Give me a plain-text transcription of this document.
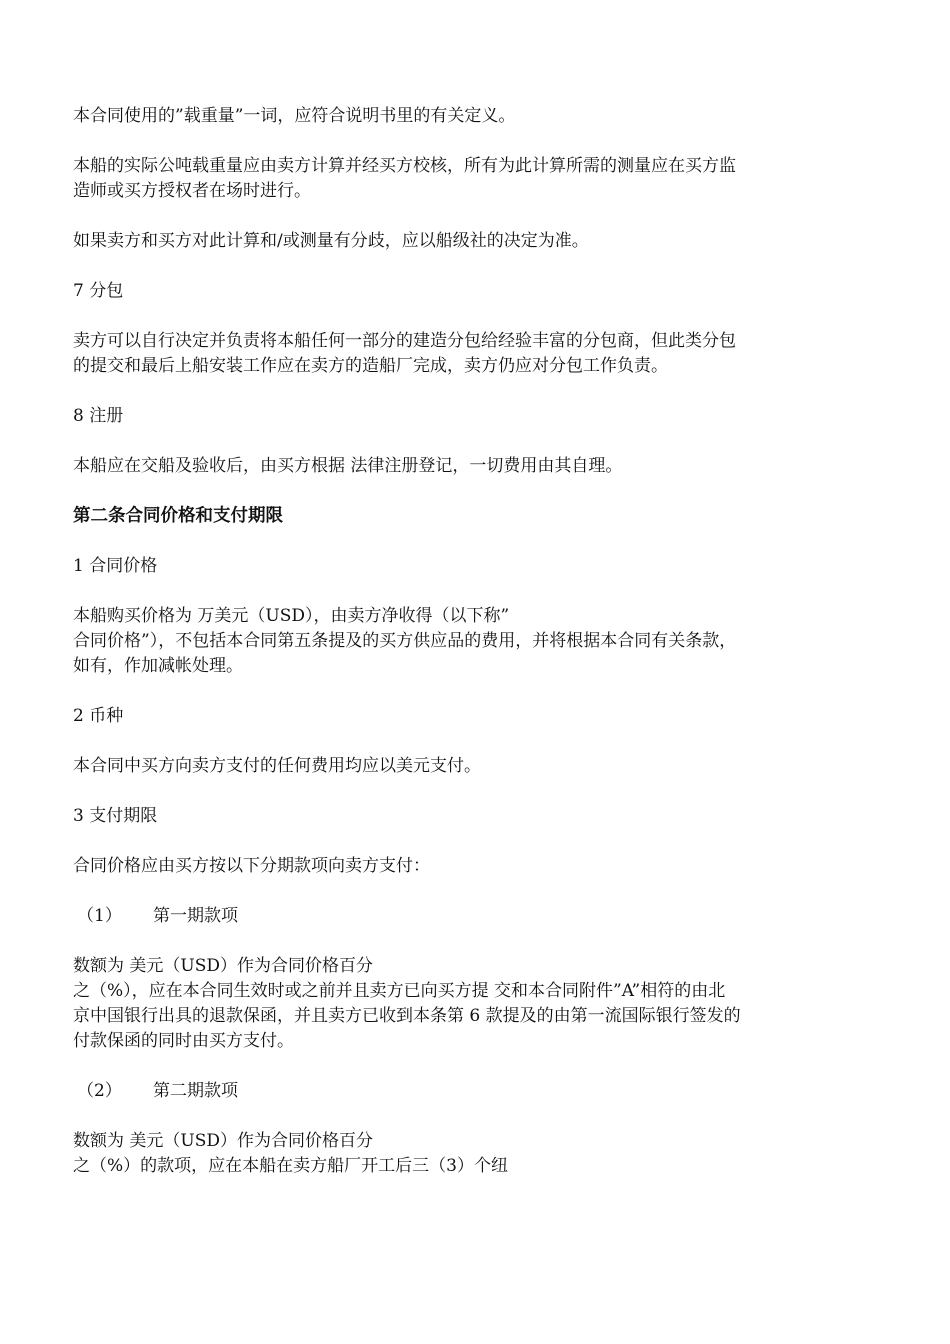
本合同使用的”载重量”一词，应符合说明书里的有关定义。

本船的实际公吨载重量应由卖方计算并经买方校核，所有为此计算所需的测量应在买方监
造师或买方授权者在场时进行。

如果卖方和买方对此计算和/或测量有分歧，应以船级社的决定为准。

7 分包

卖方可以自行决定并负责将本船任何一部分的建造分包给经验丰富的分包商，但此类分包
的提交和最后上船安装工作应在卖方的造船厂完成，卖方仍应对分包工作负责。

8 注册

本船应在交船及验收后，由买方根据 法律注册登记，一切费用由其自理。

第二条合同价格和支付期限

1 合同价格

本船购买价格为 万美元（USD），由卖方净收得（以下称”
合同价格”），不包括本合同第五条提及的买方供应品的费用，并将根据本合同有关条款，
如有，作加减帐处理。

2 币种

本合同中买方向卖方支付的任何费用均应以美元支付。

3 支付期限

合同价格应由买方按以下分期款项向卖方支付：

（1） 第一期款项

数额为 美元（USD）作为合同价格百分
之（%），应在本合同生效时或之前并且卖方已向买方提 交和本合同附件”A”相符的由北
京中国银行出具的退款保函，并且卖方已收到本条第 6 款提及的由第一流国际银行签发的
付款保函的同时由买方支付。

（2） 第二期款项

数额为 美元（USD）作为合同价格百分
之（%）的款项，应在本船在卖方船厂开工后三（3）个纽
